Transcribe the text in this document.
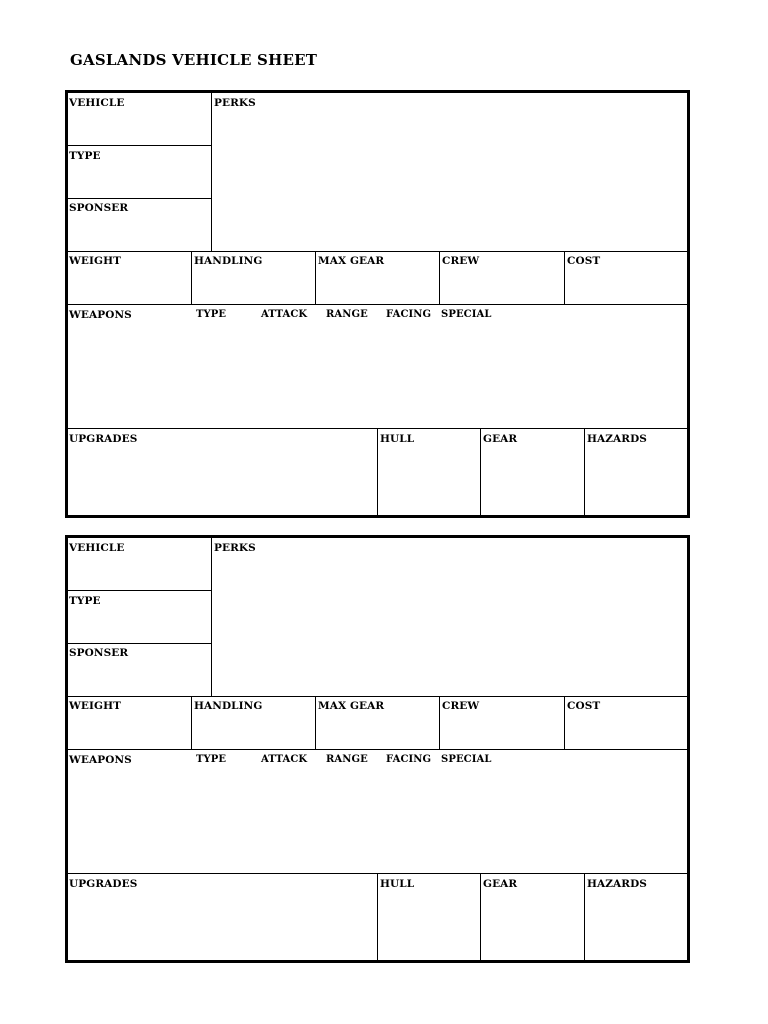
GASLANDS VEHICLE SHEET
VEHICLE	PERKS
TYPE
SPONSER
WEIGHT	HANDLING	MAX GEAR	CREW	COST
WEAPONS	TYPE	ATTACK RANGE FACING SPECIAL
UPGRADES	HULL	GEAR	HAZARDS
VEHICLE	PERKS
TYPE
SPONSER
WEIGHT	HANDLING	MAX GEAR	CREW	COST
WEAPONS	TYPE	ATTACK RANGE FACING SPECIAL
UPGRADES	HULL	GEAR	HAZARDS
